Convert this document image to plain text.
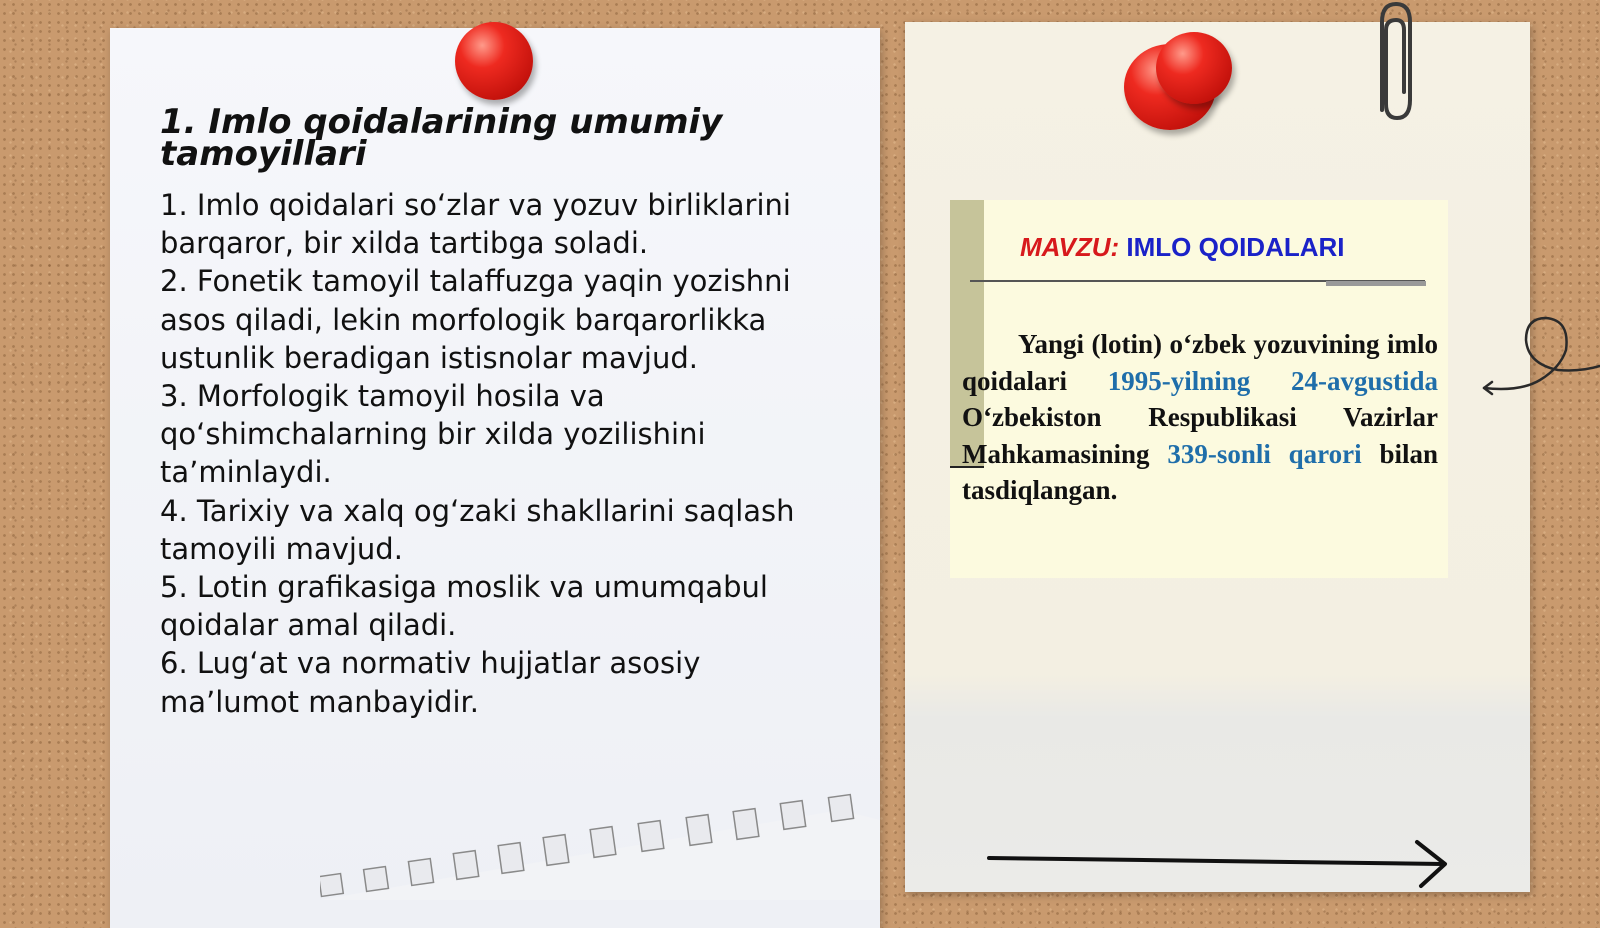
1. Imlo qoidalarining umumiy tamoyillari
1. Imlo qoidalari so‘zlar va yozuv birliklarini barqaror, bir xilda tartibga soladi.
2. Fonetik tamoyil talaffuzga yaqin yozishni asos qiladi, lekin morfologik barqarorlikka ustunlik beradigan istisnolar mavjud.
3. Morfologik tamoyil hosila va qo‘shimchalarning bir xilda yozilishini ta’minlaydi.
4. Tarixiy va xalq og‘zaki shakllarini saqlash tamoyili mavjud.
5. Lotin grafikasiga moslik va umumqabul qoidalar amal qiladi.
6. Lug‘at va normativ hujjatlar asosiy ma’lumot manbayidir.
MAVZU: IMLO QOIDALARI

Yangi (lotin) o‘zbek yozuvining imlo qoidalari 1995-yilning 24-avgustida O‘zbekiston Respublikasi Vazirlar Mahkamasining 339-sonli qarori bilan tasdiqlangan.
